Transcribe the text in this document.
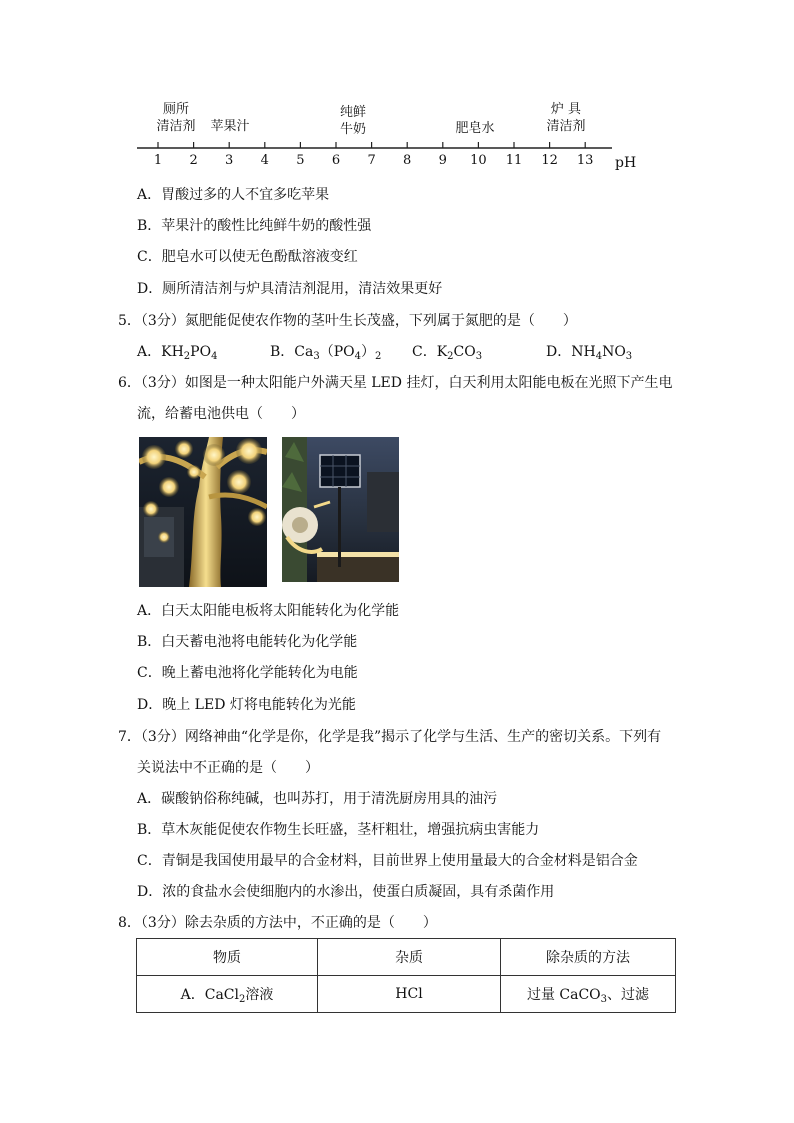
厕所
清洁剂 苹果汁
纯鲜
牛奶	肥皂水
炉 具
清洁剂
1 2 3 4 5 6 7 8 9 10 11 12 13 pH
A．胃酸过多的人不宜多吃苹果
B．苹果汁的酸性比纯鲜牛奶的酸性强
C．肥皂水可以使无色酚酞溶液变红
D．厕所清洁剂与炉具清洁剂混用，清洁效果更好
5．（3分）氮肥能促使农作物的茎叶生长茂盛，下列属于氮肥的是（　　）
A．$KH_2PO_4$	B．$Ca_3(PO_4)_2$ C．$K_2CO_3$	D．$NH_4NO_3$
6．（3分）如图是一种太阳能户外满天星 LED 挂灯，白天利用太阳能电板在光照下产生电
流，给蓄电池供电（　　）
A．白天太阳能电板将太阳能转化为化学能
B．白天蓄电池将电能转化为化学能
C．晚上蓄电池将化学能转化为电能
D．晚上 LED 灯将电能转化为光能
7．（3分）网络神曲“化学是你，化学是我”揭示了化学与生活、生产的密切关系。下列有
关说法中不正确的是（　　）
A．碳酸钠俗称纯碱，也叫苏打，用于清洗厨房用具的油污
B．草木灰能促使农作物生长旺盛，茎杆粗壮，增强抗病虫害能力
C．青铜是我国使用最早的合金材料，目前世界上使用量最大的合金材料是铝合金
D．浓的食盐水会使细胞内的水渗出，使蛋白质凝固，具有杀菌作用
8．（3分）除去杂质的方法中，不正确的是（　　）
物质	杂质	除杂质的方法
A．CaCl$_2$溶液	HCl	过量 CaCO$_3$、过滤
